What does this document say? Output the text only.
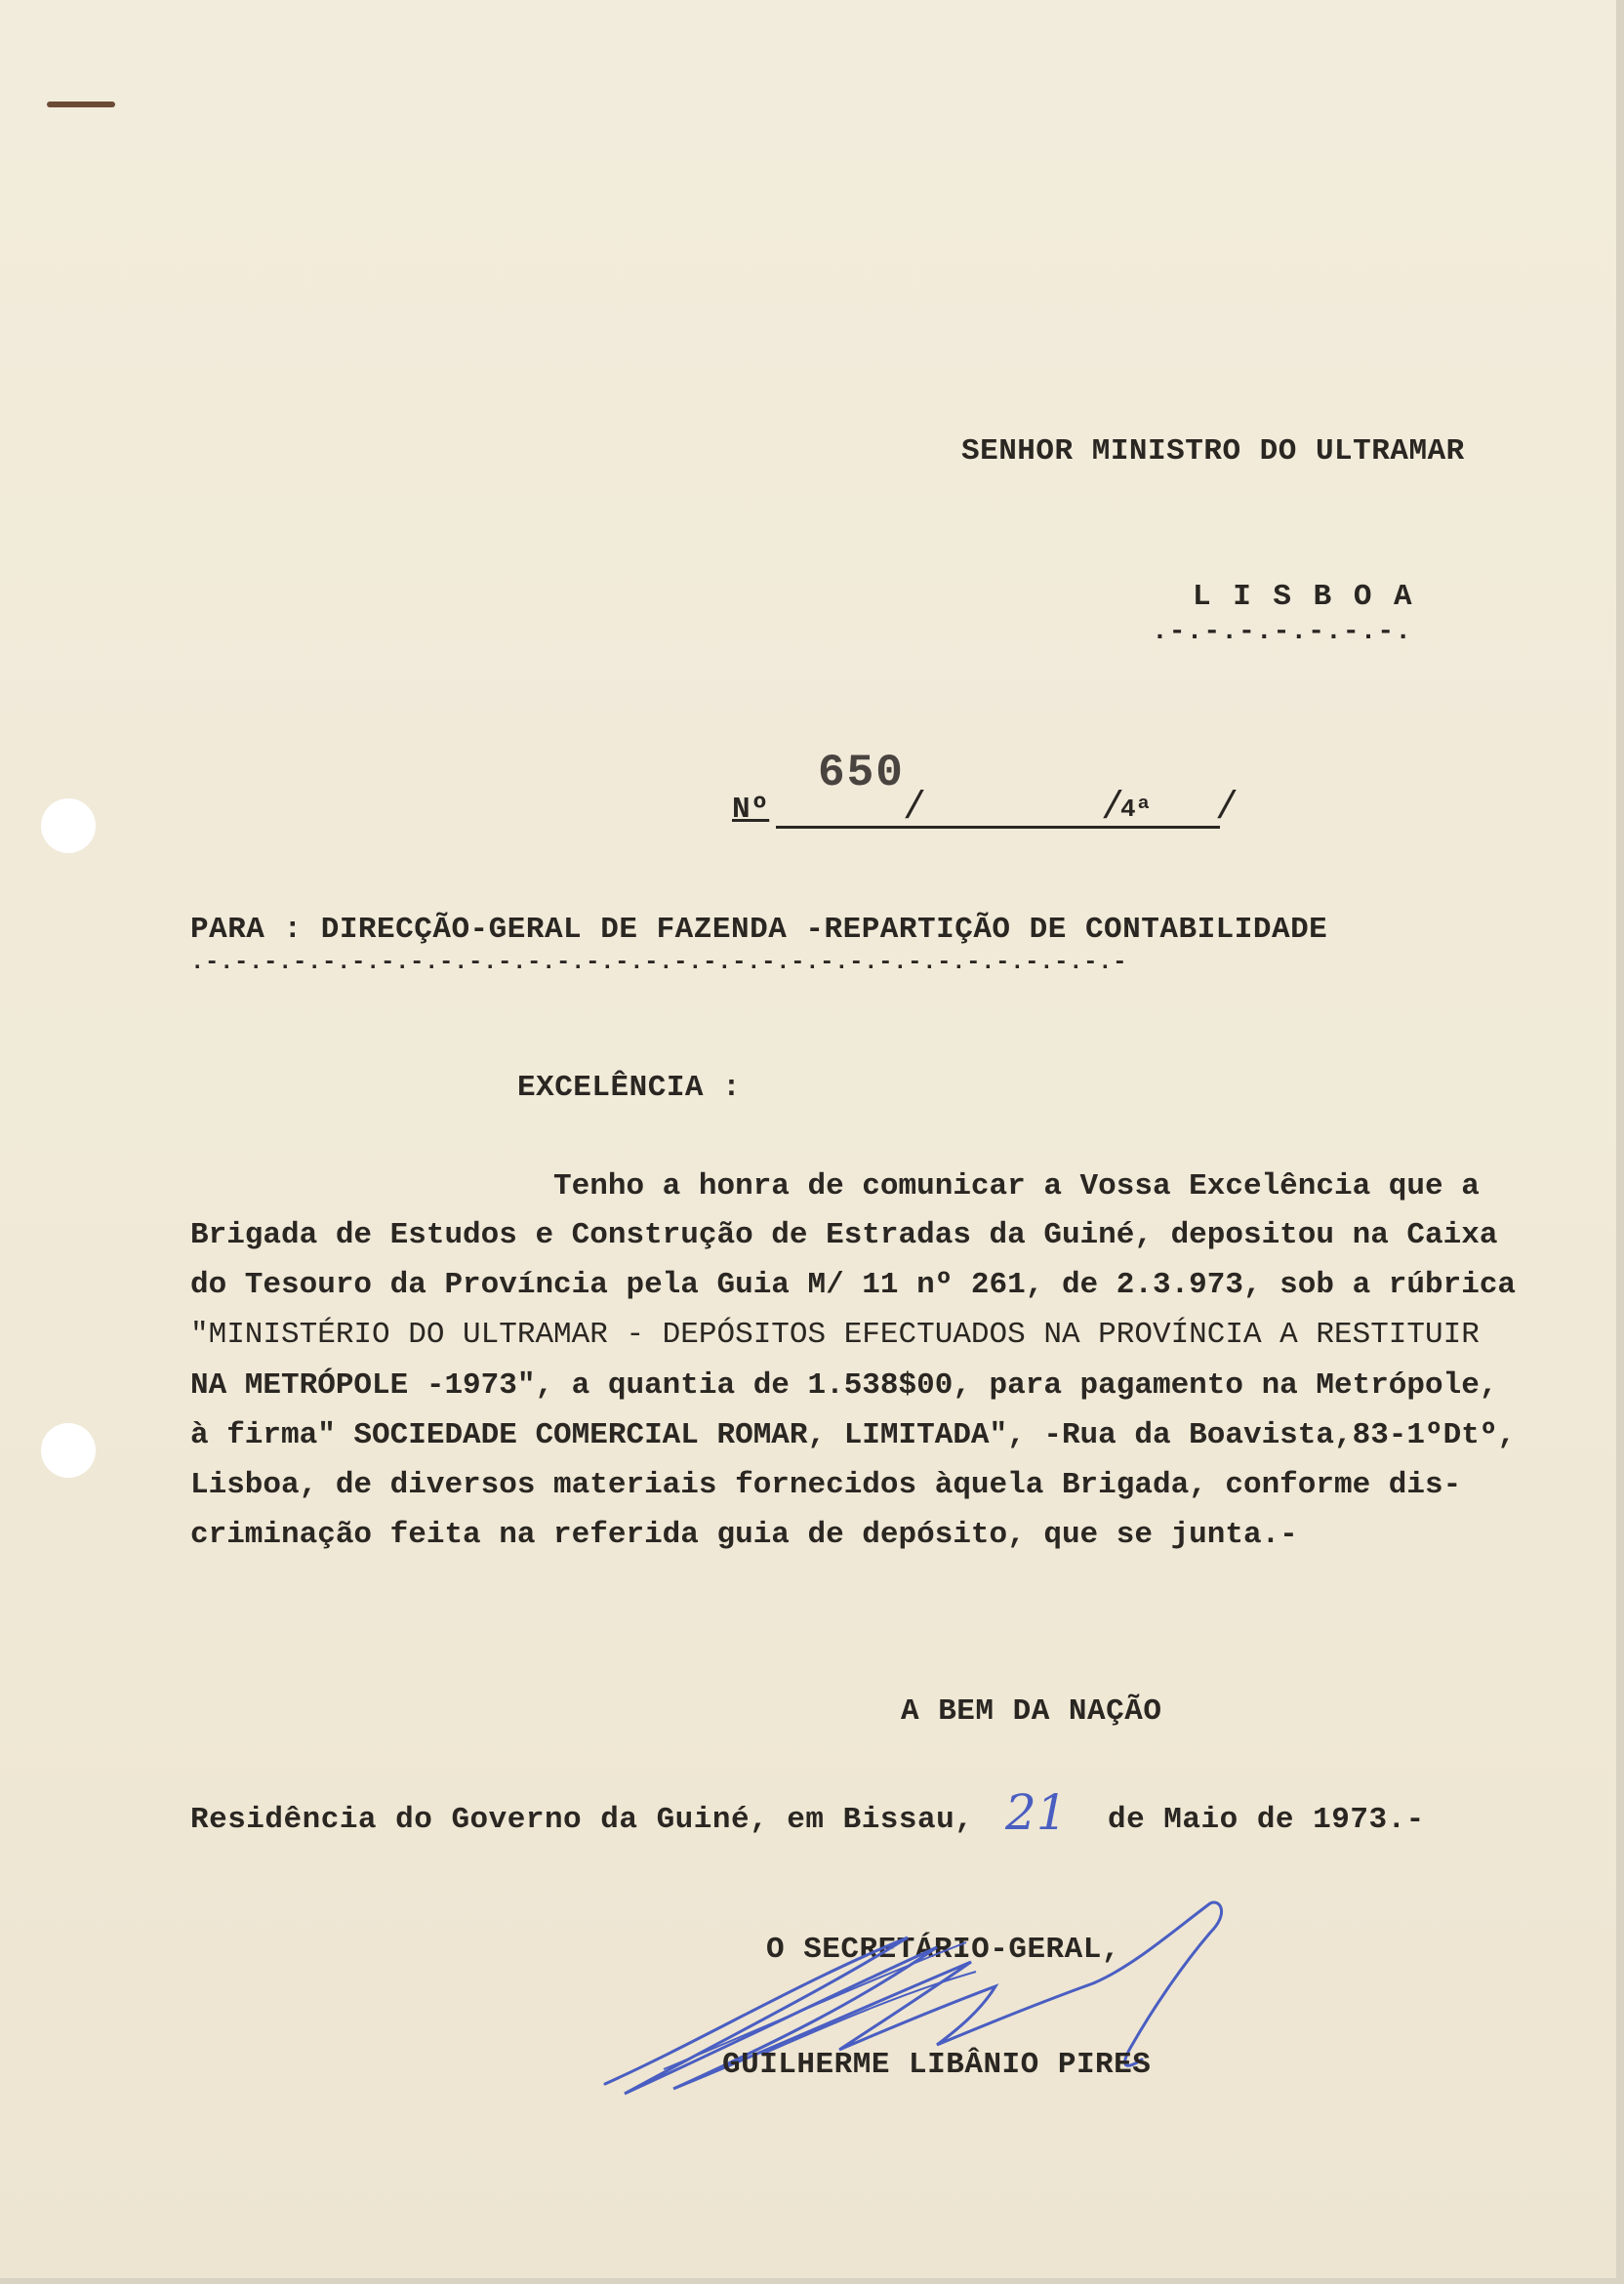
SENHOR MINISTRO DO ULTRAMAR
L I S B O A
.-.-.-.-.-.-.-.
Nº
650
/	/
4ª /
PARA : DIRECÇÃO-GERAL DE FAZENDA -REPARTIÇÃO DE CONTABILIDADE
.-.-.-.-.-.-.-.-.-.-.-.-.-.-.-.-.-.-.-.-.-.-.-.-.-.-.-.-.-.-.-.-
EXCELÊNCIA :
Tenho a honra de comunicar a Vossa Excelência que a
Brigada de Estudos e Construção de Estradas da Guiné, depositou na Caixa
do Tesouro da Província pela Guia M/ 11 nº 261, de 2.3.973, sob a rúbrica
"MINISTÉRIO DO ULTRAMAR - DEPÓSITOS EFECTUADOS NA PROVÍNCIA A RESTITUIR
NA METRÓPOLE -1973", a quantia de 1.538$00, para pagamento na Metrópole,
à firma" SOCIEDADE COMERCIAL ROMAR, LIMITADA", -Rua da Boavista,83-1ºDtº,
Lisboa, de diversos materiais fornecidos àquela Brigada, conforme dis-
criminação feita na referida guia de depósito, que se junta.-
A BEM DA NAÇÃO
Residência do Governo da Guiné, em Bissau, 21 de Maio de 1973.-
O SECRETÁRIO-GERAL,
GUILHERME LIBÂNIO PIRES
